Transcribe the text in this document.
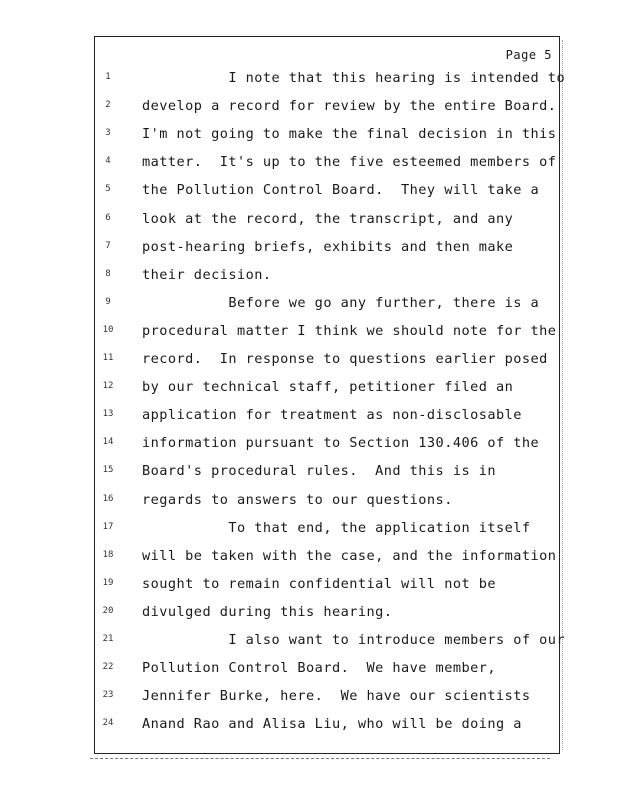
Page 5
1	I note that this hearing is intended to
2	develop a record for review by the entire Board.
3	I'm not going to make the final decision in this
4	matter.  It's up to the five esteemed members of
5	the Pollution Control Board.  They will take a
6	look at the record, the transcript, and any
7	post-hearing briefs, exhibits and then make
8	their decision.
9	Before we go any further, there is a
10	procedural matter I think we should note for the
11	record.  In response to questions earlier posed
12	by our technical staff, petitioner filed an
13	application for treatment as non-disclosable
14	information pursuant to Section 130.406 of the
15	Board's procedural rules.  And this is in
16	regards to answers to our questions.
17	To that end, the application itself
18	will be taken with the case, and the information
19	sought to remain confidential will not be
20	divulged during this hearing.
21	I also want to introduce members of our
22	Pollution Control Board.  We have member,
23	Jennifer Burke, here.  We have our scientists
24	Anand Rao and Alisa Liu, who will be doing a
